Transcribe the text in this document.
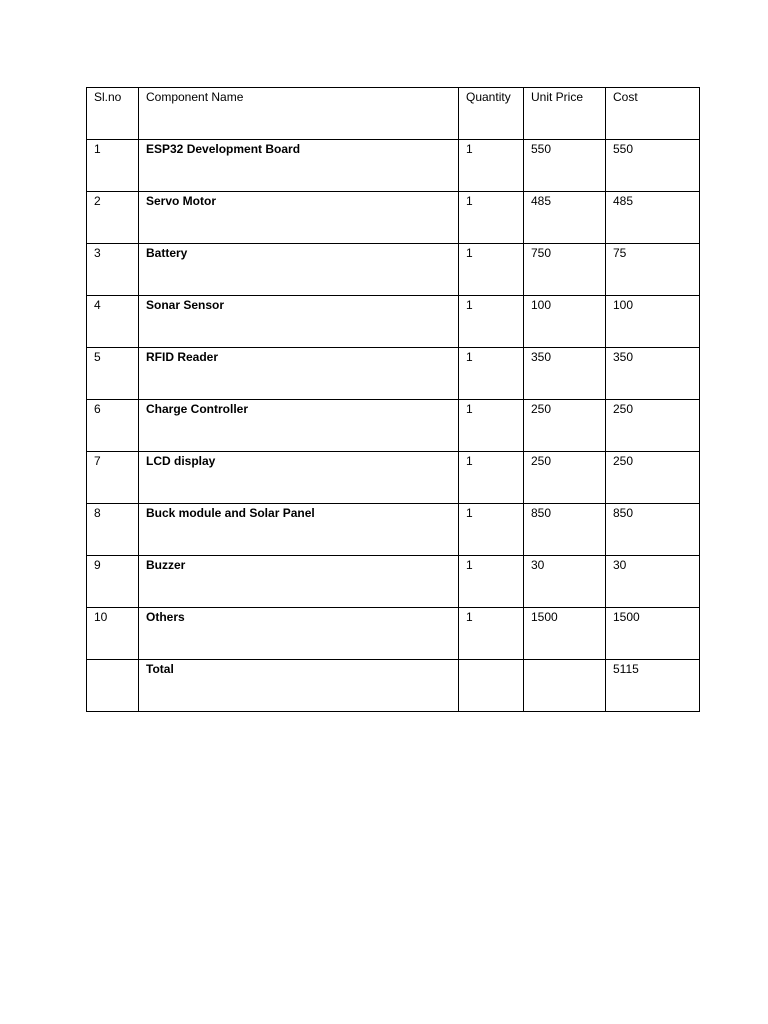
Sl.no	Component Name	Quantity	Unit Price	Cost
1	ESP32 Development Board	1	550	550
2	Servo Motor	1	485	485
3	Battery	1	750	75
4	Sonar Sensor	1	100	100
5	RFID Reader	1	350	350
6	Charge Controller	1	250	250
7	LCD display	1	250	250
8	Buck module and Solar Panel	1	850	850
9	Buzzer	1	30	30
10	Others	1	1500	1500
	Total			5115
